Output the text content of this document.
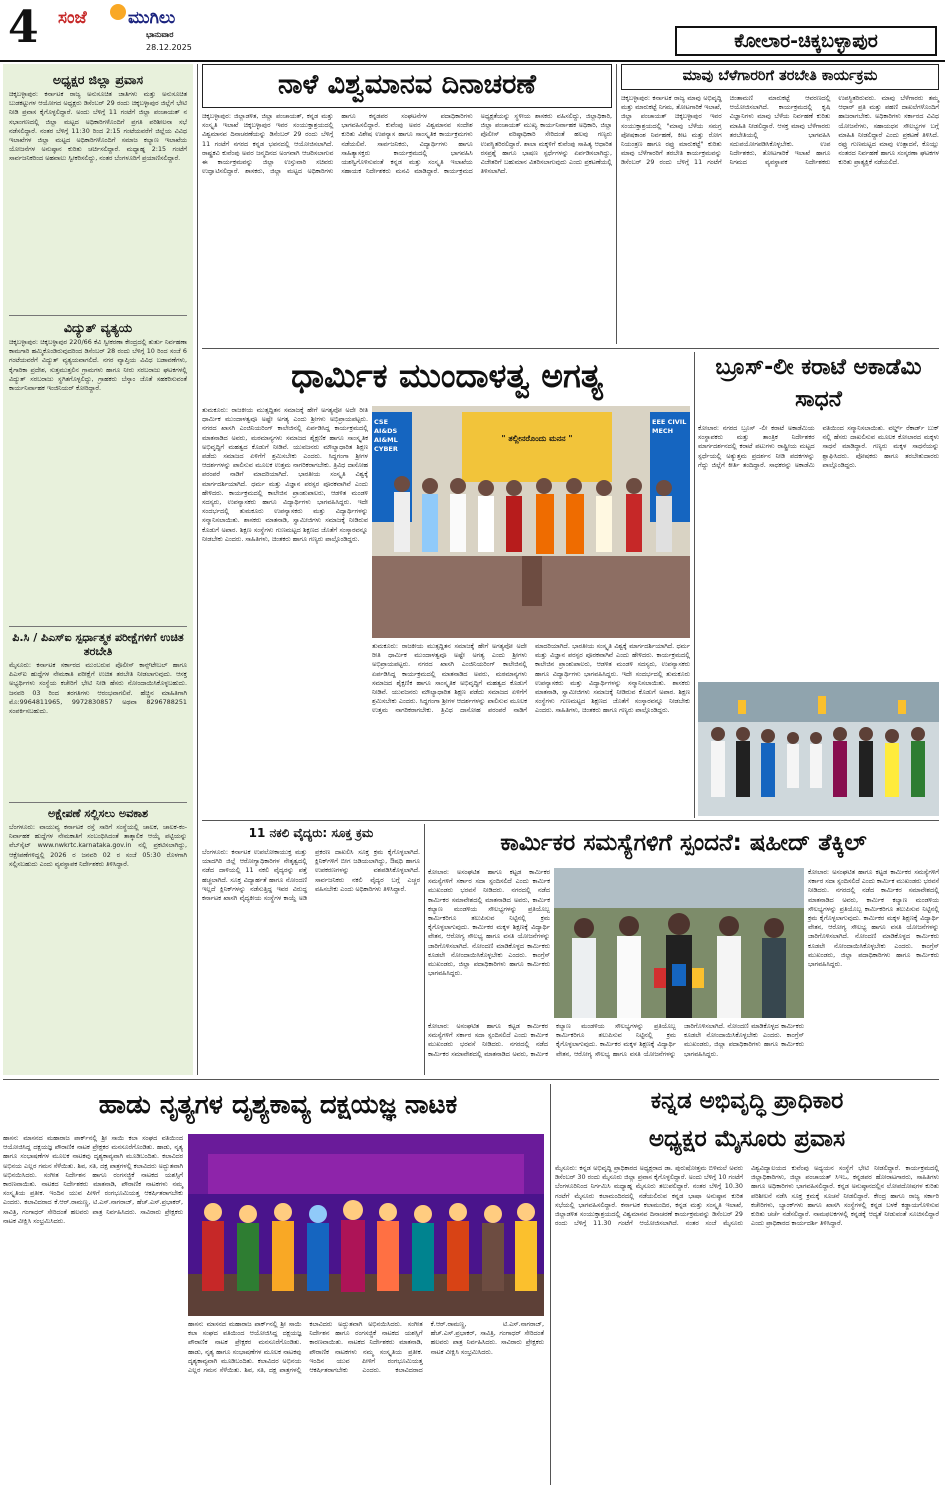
4 ಸಂಜೆ ಮುಗಿಲು
ಭಾನುವಾರ
28.12.2025	ಕೋಲಾರ-ಚಿಕ್ಕಬಳ್ಳಾಪುರ
ಅಧ್ಯಕ್ಷರ ಜಿಲ್ಲಾ ಪ್ರವಾಸ
ಚಿಕ್ಕಬಳ್ಳಾಪುರ: ಕರ್ನಾಟಕ ರಾಜ್ಯ ಅನುಸೂಚಿತ ಜಾತಿಗಳು ಮತ್ತು ಅನುಸೂಚಿತ ಬುಡಕಟ್ಟುಗಳ ಆಯೋಗದ ಅಧ್ಯಕ್ಷರು ಡಿಸೆಂಬರ್ 29 ರಂದು ಚಿಕ್ಕಬಳ್ಳಾಪುರ ಜಿಲ್ಲೆಗೆ ಭೇಟಿ ನೀಡಿ ಪ್ರವಾಸ ಕೈಗೊಳ್ಳಲಿದ್ದಾರೆ. ಅಂದು ಬೆಳಿಗ್ಗೆ 11 ಗಂಟೆಗೆ ಜಿಲ್ಲಾ ಪಂಚಾಯತ್ ನ ಸಭಾಂಗಣದಲ್ಲಿ ಜಿಲ್ಲಾ ಮಟ್ಟದ ಅಧಿಕಾರಿಗಳೊಂದಿಗೆ ಪ್ರಗತಿ ಪರಿಶೀಲನಾ ಸಭೆ ನಡೆಸಲಿದ್ದಾರೆ. ನಂತರ ಬೆಳಿಗ್ಗೆ 11:30 ರಿಂದ 2:15 ಗಂಟೆಯವರೆಗೆ ಜಿಲ್ಲೆಯ ವಿವಿಧ ಇಲಾಖೆಗಳ ಜಿಲ್ಲಾ ಮಟ್ಟದ ಅಧಿಕಾರಿಗಳೊಂದಿಗೆ ಸಮಾಜ ಕಲ್ಯಾಣ ಇಲಾಖೆಯ ಯೋಜನೆಗಳ ಅನುಷ್ಠಾನ ಕುರಿತು ಚರ್ಚಿಸಲಿದ್ದಾರೆ. ಮಧ್ಯಾಹ್ನ 2:15 ಗಂಟೆಗೆ ಸಾರ್ವಜನಿಕರಿಂದ ಅಹವಾಲು ಸ್ವೀಕರಿಸಲಿದ್ದು, ನಂತರ ಬೆಂಗಳೂರಿಗೆ ಪ್ರಯಾಣಿಸಲಿದ್ದಾರೆ.
ವಿದ್ಯುತ್ ವ್ಯತ್ಯಯ
ಚಿಕ್ಕಬಳ್ಳಾಪುರ: ಚಿಕ್ಕಬಳ್ಳಾಪುರ 220/66 ಕೆವಿ ಸ್ವೀಕರಣಾ ಕೇಂದ್ರದಲ್ಲಿ ತುರ್ತು ನಿರ್ವಹಣಾ ಕಾಮಗಾರಿ ಹಮ್ಮಿಕೊಂಡಿರುವುದರಿಂದ ಡಿಸೆಂಬರ್ 28 ರಂದು ಬೆಳಿಗ್ಗೆ 10 ರಿಂದ ಸಂಜೆ 6 ಗಂಟೆಯವರೆಗೆ ವಿದ್ಯುತ್ ವ್ಯತ್ಯಯವಾಗಲಿದೆ. ನಗರ ವ್ಯಾಪ್ತಿಯ ವಿವಿಧ ಬಡಾವಣೆಗಳು, ಕೈಗಾರಿಕಾ ಪ್ರದೇಶ, ಸುತ್ತಮುತ್ತಲಿನ ಗ್ರಾಮಗಳು ಹಾಗೂ ನೀರು ಸರಬರಾಜು ಘಟಕಗಳಲ್ಲಿ ವಿದ್ಯುತ್ ಸರಬರಾಜು ಸ್ಥಗಿತಗೊಳ್ಳಲಿದ್ದು, ಗ್ರಾಹಕರು ಬೆಸ್ಕಾಂ ಜೊತೆ ಸಹಕರಿಸುವಂತೆ ಕಾರ್ಯನಿರ್ವಾಹಕ ಇಂಜಿನಿಯರ್ ಕೋರಿದ್ದಾರೆ.
ಪಿ.ಸಿ / ಪಿಎಸ್ಐ ಸ್ಪರ್ಧಾತ್ಮಕ ಪರೀಕ್ಷೆಗಳಿಗೆ ಉಚಿತ ತರಬೇತಿ
ಮೈಸೂರು: ಕರ್ನಾಟಕ ಸರ್ಕಾರದ ಮುಂಬರುವ ಪೊಲೀಸ್ ಕಾನ್ಸ್‌ಟೇಬಲ್ ಹಾಗೂ ಪಿಎಸ್ಐ ಹುದ್ದೆಗಳ ನೇಮಕಾತಿ ಪರೀಕ್ಷೆಗೆ ಉಚಿತ ತರಬೇತಿ ನೀಡಲಾಗುವುದು. ಆಸಕ್ತ ಅಭ್ಯರ್ಥಿಗಳು ಸಂಸ್ಥೆಯ ಕಚೇರಿಗೆ ಭೇಟಿ ನೀಡಿ ಹೆಸರು ನೋಂದಾಯಿಸಿಕೊಳ್ಳಬಹುದು. ಜನವರಿ 03 ರಿಂದ ತರಗತಿಗಳು ಆರಂಭವಾಗಲಿವೆ. ಹೆಚ್ಚಿನ ಮಾಹಿತಿಗಾಗಿ ಮೊ:9964811965, 9972830857 ಅಥವಾ 8296788251 ಸಂಪರ್ಕಿಸಬಹುದು.
ಅಕ್ಷೇಪಣೆ ಸಲ್ಲಿಸಲು ಅವಕಾಶ
ಬೆಂಗಳೂರು: ವಾಯುವ್ಯ ಕರ್ನಾಟಕ ರಸ್ತೆ ಸಾರಿಗೆ ಸಂಸ್ಥೆಯಲ್ಲಿ ಚಾಲಕ, ಚಾಲಕ-ಕಂ-ನಿರ್ವಾಹಕ ಹುದ್ದೆಗಳ ನೇಮಕಾತಿಗೆ ಸಂಬಂಧಿಸಿದಂತೆ ತಾತ್ಕಾಲಿಕ ಆಯ್ಕೆ ಪಟ್ಟಿಯನ್ನು ವೆಬ್‌ಸೈಟ್ www.nwkrtc.karnataka.gov.in ನಲ್ಲಿ ಪ್ರಕಟಿಸಲಾಗಿದ್ದು, ಆಕ್ಷೇಪಣೆಗಳಿದ್ದಲ್ಲಿ 2026 ರ ಜನವರಿ 02 ರ ಸಂಜೆ 05:30 ರೊಳಗಾಗಿ ಸಲ್ಲಿಸಬಹುದು ಎಂದು ವ್ಯವಸ್ಥಾಪಕ ನಿರ್ದೇಶಕರು ತಿಳಿಸಿದ್ದಾರೆ.
ನಾಳೆ ವಿಶ್ವಮಾನವ ದಿನಾಚರಣೆ
ಚಿಕ್ಕಬಳ್ಳಾಪುರ: ಜಿಲ್ಲಾಡಳಿತ, ಜಿಲ್ಲಾ ಪಂಚಾಯತ್, ಕನ್ನಡ ಮತ್ತು ಸಂಸ್ಕೃತಿ ಇಲಾಖೆ ಚಿಕ್ಕಬಳ್ಳಾಪುರ ಇವರ ಸಂಯುಕ್ತಾಶ್ರಯದಲ್ಲಿ ವಿಶ್ವಮಾನವ ದಿನಾಚರಣೆಯನ್ನು ಡಿಸೆಂಬರ್ 29 ರಂದು ಬೆಳಿಗ್ಗೆ 11 ಗಂಟೆಗೆ ನಗರದ ಕನ್ನಡ ಭವನದಲ್ಲಿ ಆಯೋಜಿಸಲಾಗಿದೆ. ರಾಷ್ಟ್ರಕವಿ ಕುವೆಂಪು ಅವರ ಜನ್ಮದಿನದ ಅಂಗವಾಗಿ ಆಚರಿಸಲಾಗುವ ಈ ಕಾರ್ಯಕ್ರಮವನ್ನು ಜಿಲ್ಲಾ ಉಸ್ತುವಾರಿ ಸಚಿವರು ಉದ್ಘಾಟಿಸಲಿದ್ದಾರೆ. ಶಾಸಕರು, ಜಿಲ್ಲಾ ಮಟ್ಟದ ಅಧಿಕಾರಿಗಳು ಹಾಗೂ ಕನ್ನಡಪರ ಸಂಘಟನೆಗಳ ಪದಾಧಿಕಾರಿಗಳು ಭಾಗವಹಿಸಲಿದ್ದಾರೆ. ಕುವೆಂಪು ಅವರ ವಿಶ್ವಮಾನವ ಸಂದೇಶ ಕುರಿತು ವಿಶೇಷ ಉಪನ್ಯಾಸ ಹಾಗೂ ಸಾಂಸ್ಕೃತಿಕ ಕಾರ್ಯಕ್ರಮಗಳು ನಡೆಯಲಿವೆ. ಸಾರ್ವಜನಿಕರು, ವಿದ್ಯಾರ್ಥಿಗಳು ಹಾಗೂ ಸಾಹಿತ್ಯಾಸಕ್ತರು ಕಾರ್ಯಕ್ರಮದಲ್ಲಿ ಭಾಗವಹಿಸಿ ಯಶಸ್ವಿಗೊಳಿಸುವಂತೆ ಕನ್ನಡ ಮತ್ತು ಸಂಸ್ಕೃತಿ ಇಲಾಖೆಯ ಸಹಾಯಕ ನಿರ್ದೇಶಕರು ಮನವಿ ಮಾಡಿದ್ದಾರೆ. ಕಾರ್ಯಕ್ರಮದ ಅಧ್ಯಕ್ಷತೆಯನ್ನು ಸ್ಥಳೀಯ ಶಾಸಕರು ವಹಿಸಲಿದ್ದು, ಜಿಲ್ಲಾಧಿಕಾರಿ, ಜಿಲ್ಲಾ ಪಂಚಾಯತ್ ಮುಖ್ಯ ಕಾರ್ಯನಿರ್ವಾಹಕ ಅಧಿಕಾರಿ, ಜಿಲ್ಲಾ ಪೊಲೀಸ್ ವರಿಷ್ಠಾಧಿಕಾರಿ ಸೇರಿದಂತೆ ಹಲವು ಗಣ್ಯರು ಉಪಸ್ಥಿತರಿರಲಿದ್ದಾರೆ. ಶಾಲಾ ಮಕ್ಕಳಿಗೆ ಕುವೆಂಪು ಸಾಹಿತ್ಯ ಆಧಾರಿತ ರಸಪ್ರಶ್ನೆ ಹಾಗೂ ಭಾಷಣ ಸ್ಪರ್ಧೆಗಳನ್ನು ಏರ್ಪಡಿಸಲಾಗಿದ್ದು, ವಿಜೇತರಿಗೆ ಬಹುಮಾನ ವಿತರಿಸಲಾಗುವುದು ಎಂದು ಪ್ರಕಟಣೆಯಲ್ಲಿ ತಿಳಿಸಲಾಗಿದೆ.
ಮಾವು ಬೆಳೆಗಾರರಿಗೆ ತರಬೇತಿ ಕಾರ್ಯಕ್ರಮ
ಚಿಕ್ಕಬಳ್ಳಾಪುರ: ಕರ್ನಾಟಕ ರಾಜ್ಯ ಮಾವು ಅಭಿವೃದ್ಧಿ ಮತ್ತು ಮಾರುಕಟ್ಟೆ ನಿಗಮ, ತೋಟಗಾರಿಕೆ ಇಲಾಖೆ, ಜಿಲ್ಲಾ ಪಂಚಾಯತ್ ಚಿಕ್ಕಬಳ್ಳಾಪುರ ಇವರ ಸಂಯುಕ್ತಾಶ್ರಯದಲ್ಲಿ "ಮಾವು ಬೆಳೆಯ ಸಮಗ್ರ ಪೋಷಕಾಂಶ ನಿರ್ವಹಣೆ, ಕೀಟ ಮತ್ತು ರೋಗ ನಿಯಂತ್ರಣ ಹಾಗೂ ರಫ್ತು ಮಾರುಕಟ್ಟೆ" ಕುರಿತು ಮಾವು ಬೆಳೆಗಾರರಿಗೆ ತರಬೇತಿ ಕಾರ್ಯಕ್ರಮವನ್ನು ಡಿಸೆಂಬರ್ 29 ರಂದು ಬೆಳಿಗ್ಗೆ 11 ಗಂಟೆಗೆ ಚಿಂತಾಮಣಿ ಮಾರುಕಟ್ಟೆ ಆವರಣದಲ್ಲಿ ಆಯೋಜಿಸಲಾಗಿದೆ. ಕಾರ್ಯಕ್ರಮದಲ್ಲಿ ಕೃಷಿ ವಿಜ್ಞಾನಿಗಳು ಮಾವು ಬೆಳೆಯ ನಿರ್ವಹಣೆ ಕುರಿತು ಮಾಹಿತಿ ನೀಡಲಿದ್ದಾರೆ. ಆಸಕ್ತ ಮಾವು ಬೆಳೆಗಾರರು ತರಬೇತಿಯಲ್ಲಿ ಭಾಗವಹಿಸಿ ಸದುಪಯೋಗಪಡಿಸಿಕೊಳ್ಳಬೇಕು. ಉಪ ನಿರ್ದೇಶಕರು, ತೋಟಗಾರಿಕೆ ಇಲಾಖೆ ಹಾಗೂ ನಿಗಮದ ವ್ಯವಸ್ಥಾಪಕ ನಿರ್ದೇಶಕರು ಉಪಸ್ಥಿತರಿರುವರು. ಮಾವು ಬೆಳೆಗಾರರು ತಮ್ಮ ಆಧಾರ್ ಪ್ರತಿ ಮತ್ತು ಪಹಣಿ ದಾಖಲೆಗಳೊಂದಿಗೆ ಹಾಜರಾಗಬೇಕು. ಅಧಿಕಾರಿಗಳು ಸರ್ಕಾರದ ವಿವಿಧ ಯೋಜನೆಗಳು, ಸಹಾಯಧನ ಸೌಲಭ್ಯಗಳ ಬಗ್ಗೆ ಮಾಹಿತಿ ನೀಡಲಿದ್ದಾರೆ ಎಂದು ಪ್ರಕಟಣೆ ತಿಳಿಸಿದೆ. ರಫ್ತು ಗುಣಮಟ್ಟದ ಮಾವು ಉತ್ಪಾದನೆ, ಕೊಯ್ಲು ನಂತರದ ನಿರ್ವಹಣೆ ಹಾಗೂ ಸಂಸ್ಕರಣಾ ಘಟಕಗಳ ಕುರಿತು ಪ್ರಾತ್ಯಕ್ಷಿಕೆ ನಡೆಯಲಿದೆ.
ಧಾರ್ಮಿಕ ಮುಂದಾಳತ್ವ ಅಗತ್ಯ
ತುಮಕೂರು: ರಾಜಕೀಯ ಮುತ್ಸದ್ದಿತನ ಸಮಾಜಕ್ಕೆ ಹೇಗೆ ಅಗತ್ಯವೋ ಅದೇ ರೀತಿ ಧಾರ್ಮಿಕ ಮುಂದಾಳತ್ವವೂ ಅಷ್ಟೇ ಅಗತ್ಯ ಎಂದು ಶ್ರೀಗಳು ಅಭಿಪ್ರಾಯಪಟ್ಟರು. ನಗರದ ಖಾಸಗಿ ಎಂಜಿನಿಯರಿಂಗ್ ಕಾಲೇಜಿನಲ್ಲಿ ಏರ್ಪಡಿಸಿದ್ದ ಕಾರ್ಯಕ್ರಮದಲ್ಲಿ ಮಾತನಾಡಿದ ಅವರು, ಮಠಮಾನ್ಯಗಳು ಸಮಾಜದ ಶೈಕ್ಷಣಿಕ ಹಾಗೂ ಸಾಂಸ್ಕೃತಿಕ ಅಭಿವೃದ್ಧಿಗೆ ಮಹತ್ವದ ಕೊಡುಗೆ ನೀಡಿವೆ. ಯುವಜನರು ಮೌಲ್ಯಾಧಾರಿತ ಶಿಕ್ಷಣ ಪಡೆದು ಸಮಾಜದ ಏಳಿಗೆಗೆ ಶ್ರಮಿಸಬೇಕು ಎಂದರು. ಸಿದ್ಧಗಂಗಾ ಶ್ರೀಗಳ ಆದರ್ಶಗಳನ್ನು ಪಾಲಿಸುವ ಮೂಲಕ ಉತ್ತಮ ನಾಗರಿಕರಾಗಬೇಕು. ತ್ರಿವಿಧ ದಾಸೋಹ ಪರಂಪರೆ ನಾಡಿಗೆ ಮಾದರಿಯಾಗಿದೆ. ಭಾರತೀಯ ಸಂಸ್ಕೃತಿ ವಿಶ್ವಕ್ಕೆ ಮಾರ್ಗದರ್ಶಿಯಾಗಿದೆ. ಧರ್ಮ ಮತ್ತು ವಿಜ್ಞಾನ ಪರಸ್ಪರ ಪೂರಕವಾಗಿವೆ ಎಂದು ಹೇಳಿದರು. ಕಾರ್ಯಕ್ರಮದಲ್ಲಿ ಕಾಲೇಜಿನ ಪ್ರಾಂಶುಪಾಲರು, ಆಡಳಿತ ಮಂಡಳಿ ಸದಸ್ಯರು, ಉಪನ್ಯಾಸಕರು ಹಾಗೂ ವಿದ್ಯಾರ್ಥಿಗಳು ಭಾಗವಹಿಸಿದ್ದರು. ಇದೇ ಸಂದರ್ಭದಲ್ಲಿ ತುಮಕೂರು ಉಪನ್ಯಾಸಕರು ಮತ್ತು ವಿದ್ಯಾರ್ಥಿಗಳನ್ನು ಸನ್ಮಾನಿಸಲಾಯಿತು. ಶಾಸಕರು ಮಾತನಾಡಿ, ಸ್ವಾಮೀಜಿಗಳು ಸಮಾಜಕ್ಕೆ ನೀಡಿರುವ ಕೊಡುಗೆ ಅಪಾರ. ಶಿಕ್ಷಣ ಸಂಸ್ಥೆಗಳು ಗುಣಮಟ್ಟದ ಶಿಕ್ಷಣದ ಜೊತೆಗೆ ಸಂಸ್ಕಾರವನ್ನೂ ನೀಡಬೇಕು ಎಂದರು. ಸಾಹಿತಿಗಳು, ಚಿಂತಕರು ಹಾಗೂ ಗಣ್ಯರು ಪಾಲ್ಗೊಂಡಿದ್ದರು.
" ತಲ್ಲೀನರೊಂದು ಮನನ "
CSE AI&DS AI&ML CYBER
EEE CIVIL MECH
ತುಮಕೂರು: ರಾಜಕೀಯ ಮುತ್ಸದ್ದಿತನ ಸಮಾಜಕ್ಕೆ ಹೇಗೆ ಅಗತ್ಯವೋ ಅದೇ ರೀತಿ ಧಾರ್ಮಿಕ ಮುಂದಾಳತ್ವವೂ ಅಷ್ಟೇ ಅಗತ್ಯ ಎಂದು ಶ್ರೀಗಳು ಅಭಿಪ್ರಾಯಪಟ್ಟರು. ನಗರದ ಖಾಸಗಿ ಎಂಜಿನಿಯರಿಂಗ್ ಕಾಲೇಜಿನಲ್ಲಿ ಏರ್ಪಡಿಸಿದ್ದ ಕಾರ್ಯಕ್ರಮದಲ್ಲಿ ಮಾತನಾಡಿದ ಅವರು, ಮಠಮಾನ್ಯಗಳು ಸಮಾಜದ ಶೈಕ್ಷಣಿಕ ಹಾಗೂ ಸಾಂಸ್ಕೃತಿಕ ಅಭಿವೃದ್ಧಿಗೆ ಮಹತ್ವದ ಕೊಡುಗೆ ನೀಡಿವೆ. ಯುವಜನರು ಮೌಲ್ಯಾಧಾರಿತ ಶಿಕ್ಷಣ ಪಡೆದು ಸಮಾಜದ ಏಳಿಗೆಗೆ ಶ್ರಮಿಸಬೇಕು ಎಂದರು. ಸಿದ್ಧಗಂಗಾ ಶ್ರೀಗಳ ಆದರ್ಶಗಳನ್ನು ಪಾಲಿಸುವ ಮೂಲಕ ಉತ್ತಮ ನಾಗರಿಕರಾಗಬೇಕು. ತ್ರಿವಿಧ ದಾಸೋಹ ಪರಂಪರೆ ನಾಡಿಗೆ ಮಾದರಿಯಾಗಿದೆ. ಭಾರತೀಯ ಸಂಸ್ಕೃತಿ ವಿಶ್ವಕ್ಕೆ ಮಾರ್ಗದರ್ಶಿಯಾಗಿದೆ. ಧರ್ಮ ಮತ್ತು ವಿಜ್ಞಾನ ಪರಸ್ಪರ ಪೂರಕವಾಗಿವೆ ಎಂದು ಹೇಳಿದರು. ಕಾರ್ಯಕ್ರಮದಲ್ಲಿ ಕಾಲೇಜಿನ ಪ್ರಾಂಶುಪಾಲರು, ಆಡಳಿತ ಮಂಡಳಿ ಸದಸ್ಯರು, ಉಪನ್ಯಾಸಕರು ಹಾಗೂ ವಿದ್ಯಾರ್ಥಿಗಳು ಭಾಗವಹಿಸಿದ್ದರು. ಇದೇ ಸಂದರ್ಭದಲ್ಲಿ ತುಮಕೂರು ಉಪನ್ಯಾಸಕರು ಮತ್ತು ವಿದ್ಯಾರ್ಥಿಗಳನ್ನು ಸನ್ಮಾನಿಸಲಾಯಿತು. ಶಾಸಕರು ಮಾತನಾಡಿ, ಸ್ವಾಮೀಜಿಗಳು ಸಮಾಜಕ್ಕೆ ನೀಡಿರುವ ಕೊಡುಗೆ ಅಪಾರ. ಶಿಕ್ಷಣ ಸಂಸ್ಥೆಗಳು ಗುಣಮಟ್ಟದ ಶಿಕ್ಷಣದ ಜೊತೆಗೆ ಸಂಸ್ಕಾರವನ್ನೂ ನೀಡಬೇಕು ಎಂದರು. ಸಾಹಿತಿಗಳು, ಚಿಂತಕರು ಹಾಗೂ ಗಣ್ಯರು ಪಾಲ್ಗೊಂಡಿದ್ದರು.
ಬ್ರೂಸ್-ಲೀ ಕರಾಟೆ ಅಕಾಡೆಮಿ ಸಾಧನೆ
ಕೋಲಾರ: ನಗರದ ಬ್ರೂಸ್ -ಲೀ ಕರಾಟೆ ಅಕಾಡೆಮಿಯ ಸಂಸ್ಥಾಪಕರು ಮತ್ತು ತಾಂತ್ರಿಕ ನಿರ್ದೇಶಕರ ಮಾರ್ಗದರ್ಶನದಲ್ಲಿ ಕರಾಟೆ ಪಟುಗಳು ರಾಷ್ಟ್ರೀಯ ಮಟ್ಟದ ಸ್ಪರ್ಧೆಯಲ್ಲಿ ಅತ್ಯುತ್ತಮ ಪ್ರದರ್ಶನ ನೀಡಿ ಪದಕಗಳನ್ನು ಗೆದ್ದು ಜಿಲ್ಲೆಗೆ ಕೀರ್ತಿ ತಂದಿದ್ದಾರೆ. ಸಾಧಕರನ್ನು ಅಕಾಡೆಮಿ ವತಿಯಿಂದ ಸನ್ಮಾನಿಸಲಾಯಿತು. ವರ್ಲ್ಡ್ ರೆಕಾರ್ಡ್ ಬುಕ್ ನಲ್ಲಿ ಹೆಸರು ದಾಖಲಿಸುವ ಮೂಲಕ ಕೋಲಾರದ ಮಕ್ಕಳು ಸಾಧನೆ ಮಾಡಿದ್ದಾರೆ. ಗಣ್ಯರು ಮಕ್ಕಳ ಸಾಧನೆಯನ್ನು ಶ್ಲಾಘಿಸಿದರು. ಪೋಷಕರು ಹಾಗೂ ತರಬೇತುದಾರರು ಪಾಲ್ಗೊಂಡಿದ್ದರು.
11 ನಕಲಿ ವೈದ್ಯರು: ಸೂಕ್ತ ಕ್ರಮ
ಬೆಂಗಳೂರು: ಕರ್ನಾಟಕ ಉಪಲೋಕಾಯುಕ್ತ ಮತ್ತು ಯಾದಗಿರಿ ಜಿಲ್ಲೆ ಆರೋಗ್ಯಾಧಿಕಾರಿಗಳ ನೇತೃತ್ವದಲ್ಲಿ ನಡೆದ ದಾಳಿಯಲ್ಲಿ 11 ನಕಲಿ ವೈದ್ಯರನ್ನು ಪತ್ತೆ ಹಚ್ಚಲಾಗಿದೆ. ಸೂಕ್ತ ವಿದ್ಯಾರ್ಹತೆ ಹಾಗೂ ನೋಂದಣಿ ಇಲ್ಲದೆ ಕ್ಲಿನಿಕ್‌ಗಳನ್ನು ನಡೆಸುತ್ತಿದ್ದ ಇವರ ವಿರುದ್ಧ ಕರ್ನಾಟಕ ಖಾಸಗಿ ವೈದ್ಯಕೀಯ ಸಂಸ್ಥೆಗಳ ಕಾಯ್ದೆ ಅಡಿ ಪ್ರಕರಣ ದಾಖಲಿಸಿ ಸೂಕ್ತ ಕ್ರಮ ಕೈಗೊಳ್ಳಲಾಗಿದೆ. ಕ್ಲಿನಿಕ್‌ಗಳಿಗೆ ಬೀಗ ಜಡಿಯಲಾಗಿದ್ದು, ಔಷಧಿ ಹಾಗೂ ಉಪಕರಣಗಳನ್ನು ವಶಪಡಿಸಿಕೊಳ್ಳಲಾಗಿದೆ. ಸಾರ್ವಜನಿಕರು ನಕಲಿ ವೈದ್ಯರ ಬಗ್ಗೆ ಎಚ್ಚರ ವಹಿಸಬೇಕು ಎಂದು ಅಧಿಕಾರಿಗಳು ತಿಳಿಸಿದ್ದಾರೆ.
ಕಾರ್ಮಿಕರ ಸಮಸ್ಯೆಗಳಿಗೆ ಸ್ಪಂದನೆ: ಷಹೀದ್ ತೆಕ್ಕಿಲ್
ಕೋಲಾರ: ಅಸಂಘಟಿತ ಹಾಗೂ ಕಟ್ಟಡ ಕಾರ್ಮಿಕರ ಸಮಸ್ಯೆಗಳಿಗೆ ಸರ್ಕಾರ ಸದಾ ಸ್ಪಂದಿಸಲಿದೆ ಎಂದು ಕಾರ್ಮಿಕ ಮುಖಂಡರು ಭರವಸೆ ನೀಡಿದರು. ನಗರದಲ್ಲಿ ನಡೆದ ಕಾರ್ಮಿಕರ ಸಮಾವೇಶದಲ್ಲಿ ಮಾತನಾಡಿದ ಅವರು, ಕಾರ್ಮಿಕ ಕಲ್ಯಾಣ ಮಂಡಳಿಯ ಸೌಲಭ್ಯಗಳನ್ನು ಪ್ರತಿಯೊಬ್ಬ ಕಾರ್ಮಿಕರಿಗೂ ತಲುಪಿಸುವ ನಿಟ್ಟಿನಲ್ಲಿ ಕ್ರಮ ಕೈಗೊಳ್ಳಲಾಗುವುದು. ಕಾರ್ಮಿಕರ ಮಕ್ಕಳ ಶಿಕ್ಷಣಕ್ಕೆ ವಿದ್ಯಾರ್ಥಿ ವೇತನ, ಆರೋಗ್ಯ ಸೌಲಭ್ಯ ಹಾಗೂ ವಸತಿ ಯೋಜನೆಗಳನ್ನು ಜಾರಿಗೊಳಿಸಲಾಗಿದೆ. ನೋಂದಣಿ ಮಾಡಿಕೊಳ್ಳದ ಕಾರ್ಮಿಕರು ಕೂಡಲೇ ನೋಂದಾಯಿಸಿಕೊಳ್ಳಬೇಕು ಎಂದರು. ಕಾಂಗ್ರೆಸ್ ಮುಖಂಡರು, ಜಿಲ್ಲಾ ಪದಾಧಿಕಾರಿಗಳು ಹಾಗೂ ಕಾರ್ಮಿಕರು ಭಾಗವಹಿಸಿದ್ದರು.
ಕೋಲಾರ: ಅಸಂಘಟಿತ ಹಾಗೂ ಕಟ್ಟಡ ಕಾರ್ಮಿಕರ ಸಮಸ್ಯೆಗಳಿಗೆ ಸರ್ಕಾರ ಸದಾ ಸ್ಪಂದಿಸಲಿದೆ ಎಂದು ಕಾರ್ಮಿಕ ಮುಖಂಡರು ಭರವಸೆ ನೀಡಿದರು. ನಗರದಲ್ಲಿ ನಡೆದ ಕಾರ್ಮಿಕರ ಸಮಾವೇಶದಲ್ಲಿ ಮಾತನಾಡಿದ ಅವರು, ಕಾರ್ಮಿಕ ಕಲ್ಯಾಣ ಮಂಡಳಿಯ ಸೌಲಭ್ಯಗಳನ್ನು ಪ್ರತಿಯೊಬ್ಬ ಕಾರ್ಮಿಕರಿಗೂ ತಲುಪಿಸುವ ನಿಟ್ಟಿನಲ್ಲಿ ಕ್ರಮ ಕೈಗೊಳ್ಳಲಾಗುವುದು. ಕಾರ್ಮಿಕರ ಮಕ್ಕಳ ಶಿಕ್ಷಣಕ್ಕೆ ವಿದ್ಯಾರ್ಥಿ ವೇತನ, ಆರೋಗ್ಯ ಸೌಲಭ್ಯ ಹಾಗೂ ವಸತಿ ಯೋಜನೆಗಳನ್ನು ಜಾರಿಗೊಳಿಸಲಾಗಿದೆ. ನೋಂದಣಿ ಮಾಡಿಕೊಳ್ಳದ ಕಾರ್ಮಿಕರು ಕೂಡಲೇ ನೋಂದಾಯಿಸಿಕೊಳ್ಳಬೇಕು ಎಂದರು. ಕಾಂಗ್ರೆಸ್ ಮುಖಂಡರು, ಜಿಲ್ಲಾ ಪದಾಧಿಕಾರಿಗಳು ಹಾಗೂ ಕಾರ್ಮಿಕರು ಭಾಗವಹಿಸಿದ್ದರು.
ಕೋಲಾರ: ಅಸಂಘಟಿತ ಹಾಗೂ ಕಟ್ಟಡ ಕಾರ್ಮಿಕರ ಸಮಸ್ಯೆಗಳಿಗೆ ಸರ್ಕಾರ ಸದಾ ಸ್ಪಂದಿಸಲಿದೆ ಎಂದು ಕಾರ್ಮಿಕ ಮುಖಂಡರು ಭರವಸೆ ನೀಡಿದರು. ನಗರದಲ್ಲಿ ನಡೆದ ಕಾರ್ಮಿಕರ ಸಮಾವೇಶದಲ್ಲಿ ಮಾತನಾಡಿದ ಅವರು, ಕಾರ್ಮಿಕ ಕಲ್ಯಾಣ ಮಂಡಳಿಯ ಸೌಲಭ್ಯಗಳನ್ನು ಪ್ರತಿಯೊಬ್ಬ ಕಾರ್ಮಿಕರಿಗೂ ತಲುಪಿಸುವ ನಿಟ್ಟಿನಲ್ಲಿ ಕ್ರಮ ಕೈಗೊಳ್ಳಲಾಗುವುದು. ಕಾರ್ಮಿಕರ ಮಕ್ಕಳ ಶಿಕ್ಷಣಕ್ಕೆ ವಿದ್ಯಾರ್ಥಿ ವೇತನ, ಆರೋಗ್ಯ ಸೌಲಭ್ಯ ಹಾಗೂ ವಸತಿ ಯೋಜನೆಗಳನ್ನು ಜಾರಿಗೊಳಿಸಲಾಗಿದೆ. ನೋಂದಣಿ ಮಾಡಿಕೊಳ್ಳದ ಕಾರ್ಮಿಕರು ಕೂಡಲೇ ನೋಂದಾಯಿಸಿಕೊಳ್ಳಬೇಕು ಎಂದರು. ಕಾಂಗ್ರೆಸ್ ಮುಖಂಡರು, ಜಿಲ್ಲಾ ಪದಾಧಿಕಾರಿಗಳು ಹಾಗೂ ಕಾರ್ಮಿಕರು ಭಾಗವಹಿಸಿದ್ದರು.
ಹಾಡು ನೃತ್ಯಗಳ ದೃಶ್ಯಕಾವ್ಯ ದಕ್ಷಯಜ್ಞ ನಾಟಕ
ಹಾಸನ: ಮಾಸನದ ಮಹಾರಾಜ ಪಾರ್ಕ್‌ನಲ್ಲಿ ಶ್ರೀ ಸಾಯಿ ಕಲಾ ಸಂಘದ ವತಿಯಿಂದ ಆಯೋಜಿಸಿದ್ದ ದಕ್ಷಯಜ್ಞ ಪೌರಾಣಿಕ ನಾಟಕ ಪ್ರೇಕ್ಷಕರ ಮನಸೂರೆಗೊಂಡಿತು. ಹಾಡು, ನೃತ್ಯ ಹಾಗೂ ಸಂಭಾಷಣೆಗಳ ಮೂಲಕ ನಾಟಕವು ದೃಶ್ಯಕಾವ್ಯವಾಗಿ ಮೂಡಿಬಂದಿತು. ಕಲಾವಿದರ ಅಭಿನಯ ಎಲ್ಲರ ಗಮನ ಸೆಳೆಯಿತು. ಶಿವ, ಸತಿ, ದಕ್ಷ ಪಾತ್ರಗಳಲ್ಲಿ ಕಲಾವಿದರು ಅದ್ಭುತವಾಗಿ ಅಭಿನಯಿಸಿದರು. ಸಂಗೀತ ನಿರ್ದೇಶನ ಹಾಗೂ ರಂಗಸಜ್ಜಿಕೆ ನಾಟಕದ ಯಶಸ್ಸಿಗೆ ಕಾರಣವಾಯಿತು. ನಾಟಕದ ನಿರ್ದೇಶಕರು ಮಾತನಾಡಿ, ಪೌರಾಣಿಕ ನಾಟಕಗಳು ನಮ್ಮ ಸಂಸ್ಕೃತಿಯ ಪ್ರತೀಕ. ಇಂದಿನ ಯುವ ಪೀಳಿಗೆ ರಂಗಭೂಮಿಯತ್ತ ಆಕರ್ಷಿತರಾಗಬೇಕು ಎಂದರು. ಕಲಾವಿದರಾದ ಕೆ.ಆರ್.ರಾಮಣ್ಣ, ಟಿ.ಎಸ್.ನಾಗರಾಜ್, ಹೆಚ್.ಎಸ್.ಪ್ರಭಾಕರ್, ಸಾವಿತ್ರಿ, ಗಂಗಾಧರ್ ಸೇರಿದಂತೆ ಹಲವರು ಪಾತ್ರ ನಿರ್ವಹಿಸಿದರು. ಸಾವಿರಾರು ಪ್ರೇಕ್ಷಕರು ನಾಟಕ ವೀಕ್ಷಿಸಿ ಸಂಭ್ರಮಿಸಿದರು.
ಹಾಸನ: ಮಾಸನದ ಮಹಾರಾಜ ಪಾರ್ಕ್‌ನಲ್ಲಿ ಶ್ರೀ ಸಾಯಿ ಕಲಾ ಸಂಘದ ವತಿಯಿಂದ ಆಯೋಜಿಸಿದ್ದ ದಕ್ಷಯಜ್ಞ ಪೌರಾಣಿಕ ನಾಟಕ ಪ್ರೇಕ್ಷಕರ ಮನಸೂರೆಗೊಂಡಿತು. ಹಾಡು, ನೃತ್ಯ ಹಾಗೂ ಸಂಭಾಷಣೆಗಳ ಮೂಲಕ ನಾಟಕವು ದೃಶ್ಯಕಾವ್ಯವಾಗಿ ಮೂಡಿಬಂದಿತು. ಕಲಾವಿದರ ಅಭಿನಯ ಎಲ್ಲರ ಗಮನ ಸೆಳೆಯಿತು. ಶಿವ, ಸತಿ, ದಕ್ಷ ಪಾತ್ರಗಳಲ್ಲಿ ಕಲಾವಿದರು ಅದ್ಭುತವಾಗಿ ಅಭಿನಯಿಸಿದರು. ಸಂಗೀತ ನಿರ್ದೇಶನ ಹಾಗೂ ರಂಗಸಜ್ಜಿಕೆ ನಾಟಕದ ಯಶಸ್ಸಿಗೆ ಕಾರಣವಾಯಿತು. ನಾಟಕದ ನಿರ್ದೇಶಕರು ಮಾತನಾಡಿ, ಪೌರಾಣಿಕ ನಾಟಕಗಳು ನಮ್ಮ ಸಂಸ್ಕೃತಿಯ ಪ್ರತೀಕ. ಇಂದಿನ ಯುವ ಪೀಳಿಗೆ ರಂಗಭೂಮಿಯತ್ತ ಆಕರ್ಷಿತರಾಗಬೇಕು ಎಂದರು. ಕಲಾವಿದರಾದ ಕೆ.ಆರ್.ರಾಮಣ್ಣ, ಟಿ.ಎಸ್.ನಾಗರಾಜ್, ಹೆಚ್.ಎಸ್.ಪ್ರಭಾಕರ್, ಸಾವಿತ್ರಿ, ಗಂಗಾಧರ್ ಸೇರಿದಂತೆ ಹಲವರು ಪಾತ್ರ ನಿರ್ವಹಿಸಿದರು. ಸಾವಿರಾರು ಪ್ರೇಕ್ಷಕರು ನಾಟಕ ವೀಕ್ಷಿಸಿ ಸಂಭ್ರಮಿಸಿದರು.
ಕನ್ನಡ ಅಭಿವೃದ್ಧಿ ಪ್ರಾಧಿಕಾರ
ಅಧ್ಯಕ್ಷರ ಮೈಸೂರು ಪ್ರವಾಸ
ಮೈಸೂರು: ಕನ್ನಡ ಅಭಿವೃದ್ಧಿ ಪ್ರಾಧಿಕಾರದ ಅಧ್ಯಕ್ಷರಾದ ಡಾ. ಪುರುಷೋತ್ತಮ ಬಿಳಿಮಲೆ ಅವರು ಡಿಸೆಂಬರ್ 30 ರಂದು ಮೈಸೂರು ಜಿಲ್ಲಾ ಪ್ರವಾಸ ಕೈಗೊಳ್ಳಲಿದ್ದಾರೆ. ಅಂದು ಬೆಳಿಗ್ಗೆ 10 ಗಂಟೆಗೆ ಬೆಂಗಳೂರಿನಿಂದ ನಿರ್ಗಮಿಸಿ ಮಧ್ಯಾಹ್ನ ಮೈಸೂರು ತಲುಪಲಿದ್ದಾರೆ. ನಂತರ ಬೆಳಿಗ್ಗೆ 10.30 ಗಂಟೆಗೆ ಮೈಸೂರು ಕಲಾಮಂದಿರದಲ್ಲಿ ನಡೆಯಲಿರುವ ಕನ್ನಡ ಭಾಷಾ ಅನುಷ್ಠಾನ ಕುರಿತ ಸಭೆಯಲ್ಲಿ ಭಾಗವಹಿಸಲಿದ್ದಾರೆ. ಕರ್ನಾಟಕ ಕಲಾಮಂದಿರ, ಕನ್ನಡ ಮತ್ತು ಸಂಸ್ಕೃತಿ ಇಲಾಖೆ, ಜಿಲ್ಲಾಡಳಿತ ಸಂಯುಕ್ತಾಶ್ರಯದಲ್ಲಿ ವಿಶ್ವಮಾನವ ದಿನಾಚರಣೆ ಕಾರ್ಯಕ್ರಮವನ್ನು ಡಿಸೆಂಬರ್ 29 ರಂದು ಬೆಳಿಗ್ಗೆ 11.30 ಗಂಟೆಗೆ ಆಯೋಜಿಸಲಾಗಿದೆ. ನಂತರ ಸಂಜೆ ಮೈಸೂರು ವಿಶ್ವವಿದ್ಯಾಲಯದ ಕುವೆಂಪು ಅಧ್ಯಯನ ಸಂಸ್ಥೆಗೆ ಭೇಟಿ ನೀಡಲಿದ್ದಾರೆ. ಕಾರ್ಯಕ್ರಮದಲ್ಲಿ ಜಿಲ್ಲಾಧಿಕಾರಿಗಳು, ಜಿಲ್ಲಾ ಪಂಚಾಯತ್ ಸಿಇಒ, ಕನ್ನಡಪರ ಹೋರಾಟಗಾರರು, ಸಾಹಿತಿಗಳು ಹಾಗೂ ಅಧಿಕಾರಿಗಳು ಭಾಗವಹಿಸಲಿದ್ದಾರೆ. ಕನ್ನಡ ಅನುಷ್ಠಾನದಲ್ಲಿನ ಲೋಪದೋಷಗಳ ಕುರಿತು ಪರಿಶೀಲನೆ ನಡೆಸಿ ಸೂಕ್ತ ಕ್ರಮಕ್ಕೆ ಸೂಚನೆ ನೀಡಲಿದ್ದಾರೆ. ಕೇಂದ್ರ ಹಾಗೂ ರಾಜ್ಯ ಸರ್ಕಾರಿ ಕಚೇರಿಗಳು, ಬ್ಯಾಂಕ್‌ಗಳು ಹಾಗೂ ಖಾಸಗಿ ಸಂಸ್ಥೆಗಳಲ್ಲಿ ಕನ್ನಡ ಬಳಕೆ ಕಡ್ಡಾಯಗೊಳಿಸುವ ಕುರಿತು ಚರ್ಚೆ ನಡೆಸಲಿದ್ದಾರೆ. ನಾಮಫಲಕಗಳಲ್ಲಿ ಕನ್ನಡಕ್ಕೆ ಆದ್ಯತೆ ನೀಡುವಂತೆ ಸೂಚಿಸಲಿದ್ದಾರೆ ಎಂದು ಪ್ರಾಧಿಕಾರದ ಕಾರ್ಯದರ್ಶಿ ತಿಳಿಸಿದ್ದಾರೆ.
